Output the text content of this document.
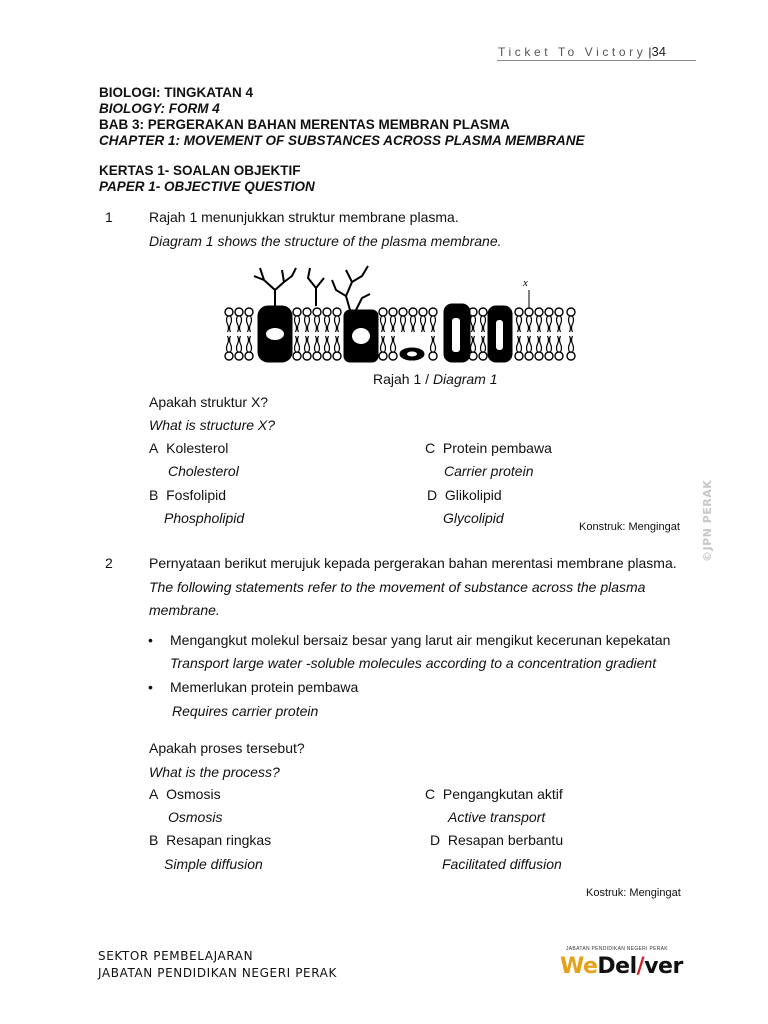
Ticket To Victory |34
BIOLOGI: TINGKATAN 4
BIOLOGY: FORM 4
BAB 3: PERGERAKAN BAHAN MERENTAS MEMBRAN PLASMA
CHAPTER 1: MOVEMENT OF SUBSTANCES ACROSS PLASMA MEMBRANE
KERTAS 1- SOALAN OBJEKTIF
PAPER 1- OBJECTIVE QUESTION
1	Rajah 1 menunjukkan struktur membrane plasma.
Diagram 1 shows the structure of the plasma membrane.
x
Rajah 1 / Diagram 1
Apakah struktur X?
What is structure X?
A Kolesterol
Cholesterol
B Fosfolipid
Phospholipid
C Protein pembawa
Carrier protein
D Glikolipid
Glycolipid
Konstruk: Mengingat ©JPN PERAK
2	Pernyataan berikut merujuk kepada pergerakan bahan merentasi membrane plasma.
The following statements refer to the movement of substance across the plasma
membrane.
• Mengangkut molekul bersaiz besar yang larut air mengikut kecerunan kepekatan
Transport large water -soluble molecules according to a concentration gradient
• Memerlukan protein pembawa
Requires carrier protein
Apakah proses tersebut?
What is the process?
A Osmosis
Osmosis
B Resapan ringkas
Simple diffusion
C Pengangkutan aktif
Active transport
D Resapan berbantu
Facilitated diffusion
Kostruk: Mengingat
SEKTOR PEMBELAJARAN
JABATAN PENDIDIKAN NEGERI PERAK
JABATAN PENDIDIKAN NEGERI PERAK
WeDel/ver
